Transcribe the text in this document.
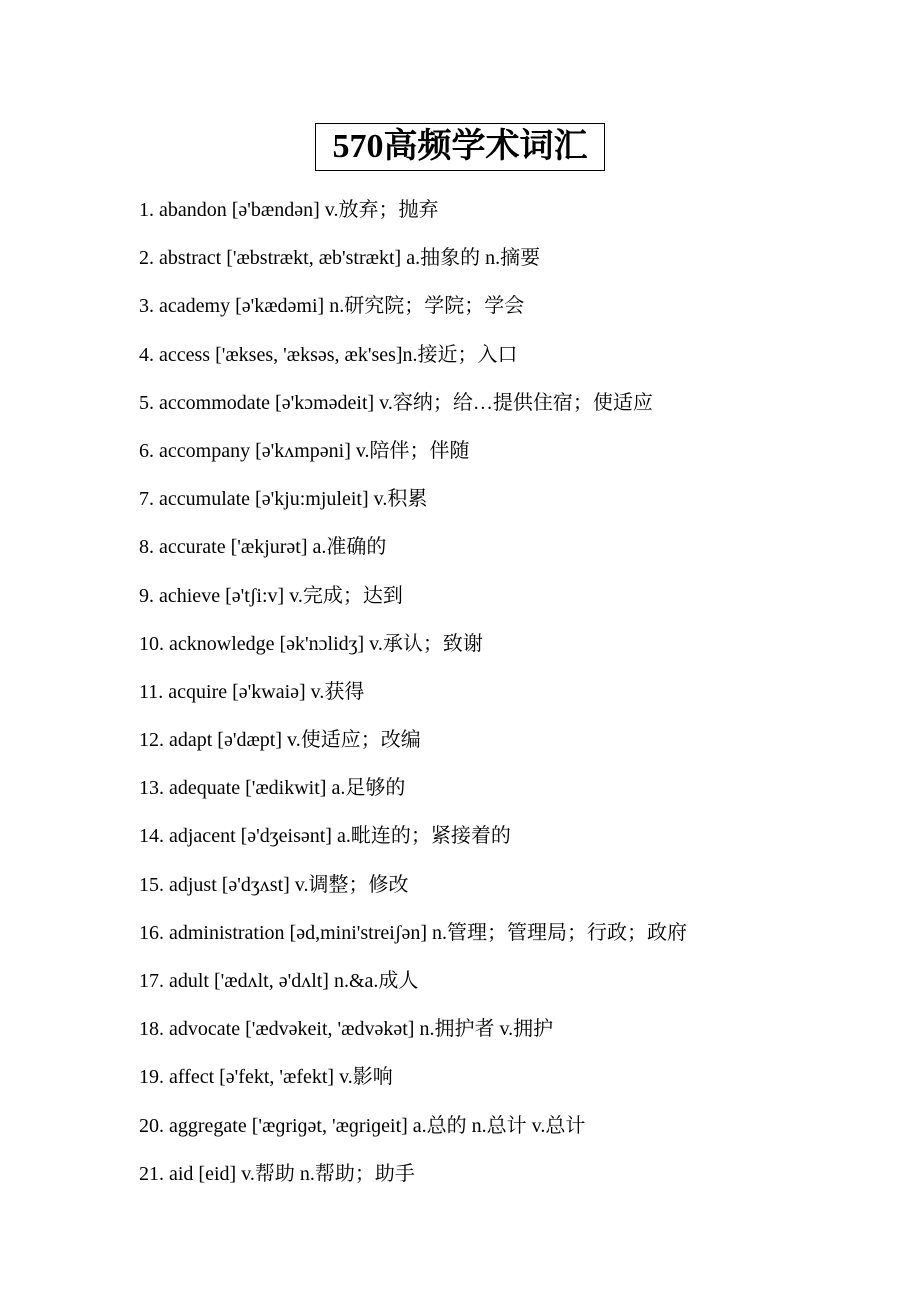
570高频学术词汇
1. abandon [ə'bændən] v.放弃；抛弃
2. abstract ['æbstrækt, æb'strækt] a.抽象的 n.摘要
3. academy [ə'kædəmi] n.研究院；学院；学会
4. access ['ækses, 'æksəs, æk'ses]n.接近；入口
5. accommodate [ə'kɔmədeit] v.容纳；给…提供住宿；使适应
6. accompany [ə'kʌmpəni] v.陪伴；伴随
7. accumulate [ə'kju:mjuleit] v.积累
8. accurate ['ækjurət] a.准确的
9. achieve [ə'tʃi:v] v.完成；达到
10. acknowledge [ək'nɔlidʒ] v.承认；致谢
11. acquire [ə'kwaiə] v.获得
12. adapt [ə'dæpt] v.使适应；改编
13. adequate ['ædikwit] a.足够的
14. adjacent [ə'dʒeisənt] a.毗连的；紧接着的
15. adjust [ə'dʒʌst] v.调整；修改
16. administration [əd,mini'streiʃən] n.管理；管理局；行政；政府
17. adult ['ædʌlt, ə'dʌlt] n.&a.成人
18. advocate ['ædvəkeit, 'ædvəkət] n.拥护者 v.拥护
19. affect [ə'fekt, 'æfekt] v.影响
20. aggregate ['æɡriɡət, 'æɡriɡeit] a.总的 n.总计 v.总计
21. aid [eid] v.帮助 n.帮助；助手
